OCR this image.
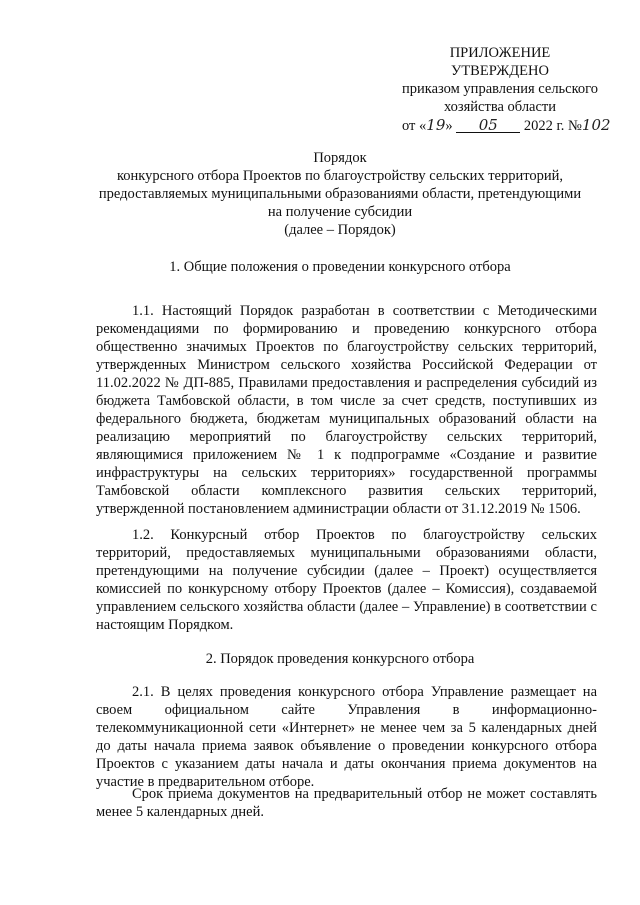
ПРИЛОЖЕНИЕ
УТВЕРЖДЕНО
приказом управления сельского
хозяйства области
от «19» 05 2022 г. №102
Порядок
конкурсного отбора Проектов по благоустройству сельских территорий,
предоставляемых муниципальными образованиями области, претендующими
на получение субсидии
(далее – Порядок)
1. Общие положения о проведении конкурсного отбора

1.1. Настоящий Порядок разработан в соответствии с Методическими рекомендациями по формированию и проведению конкурсного отбора общественно значимых Проектов по благоустройству сельских территорий, утвержденных Министром сельского хозяйства Российской Федерации от 11.02.2022 № ДП-885, Правилами предоставления и распределения субсидий из бюджета Тамбовской области, в том числе за счет средств, поступивших из федерального бюджета, бюджетам муниципальных образований области на реализацию мероприятий по благоустройству сельских территорий, являющимися приложением № 1 к подпрограмме «Создание и развитие инфраструктуры на сельских территориях» государственной программы Тамбовской области комплексного развития сельских территорий, утвержденной постановлением администрации области от 31.12.2019 № 1506.

1.2. Конкурсный отбор Проектов по благоустройству сельских территорий, предоставляемых муниципальными образованиями области, претендующими на получение субсидии (далее – Проект) осуществляется комиссией по конкурсному отбору Проектов (далее – Комиссия), создаваемой управлением сельского хозяйства области (далее – Управление) в соответствии с настоящим Порядком.

2. Порядок проведения конкурсного отбора

2.1. В целях проведения конкурсного отбора Управление размещает на своем официальном сайте Управления в информационно-телекоммуникационной сети «Интернет» не менее чем за 5 календарных дней до даты начала приема заявок объявление о проведении конкурсного отбора Проектов с указанием даты начала и даты окончания приема документов на участие в предварительном отборе.

Срок приема документов на предварительный отбор не может составлять менее 5 календарных дней.
